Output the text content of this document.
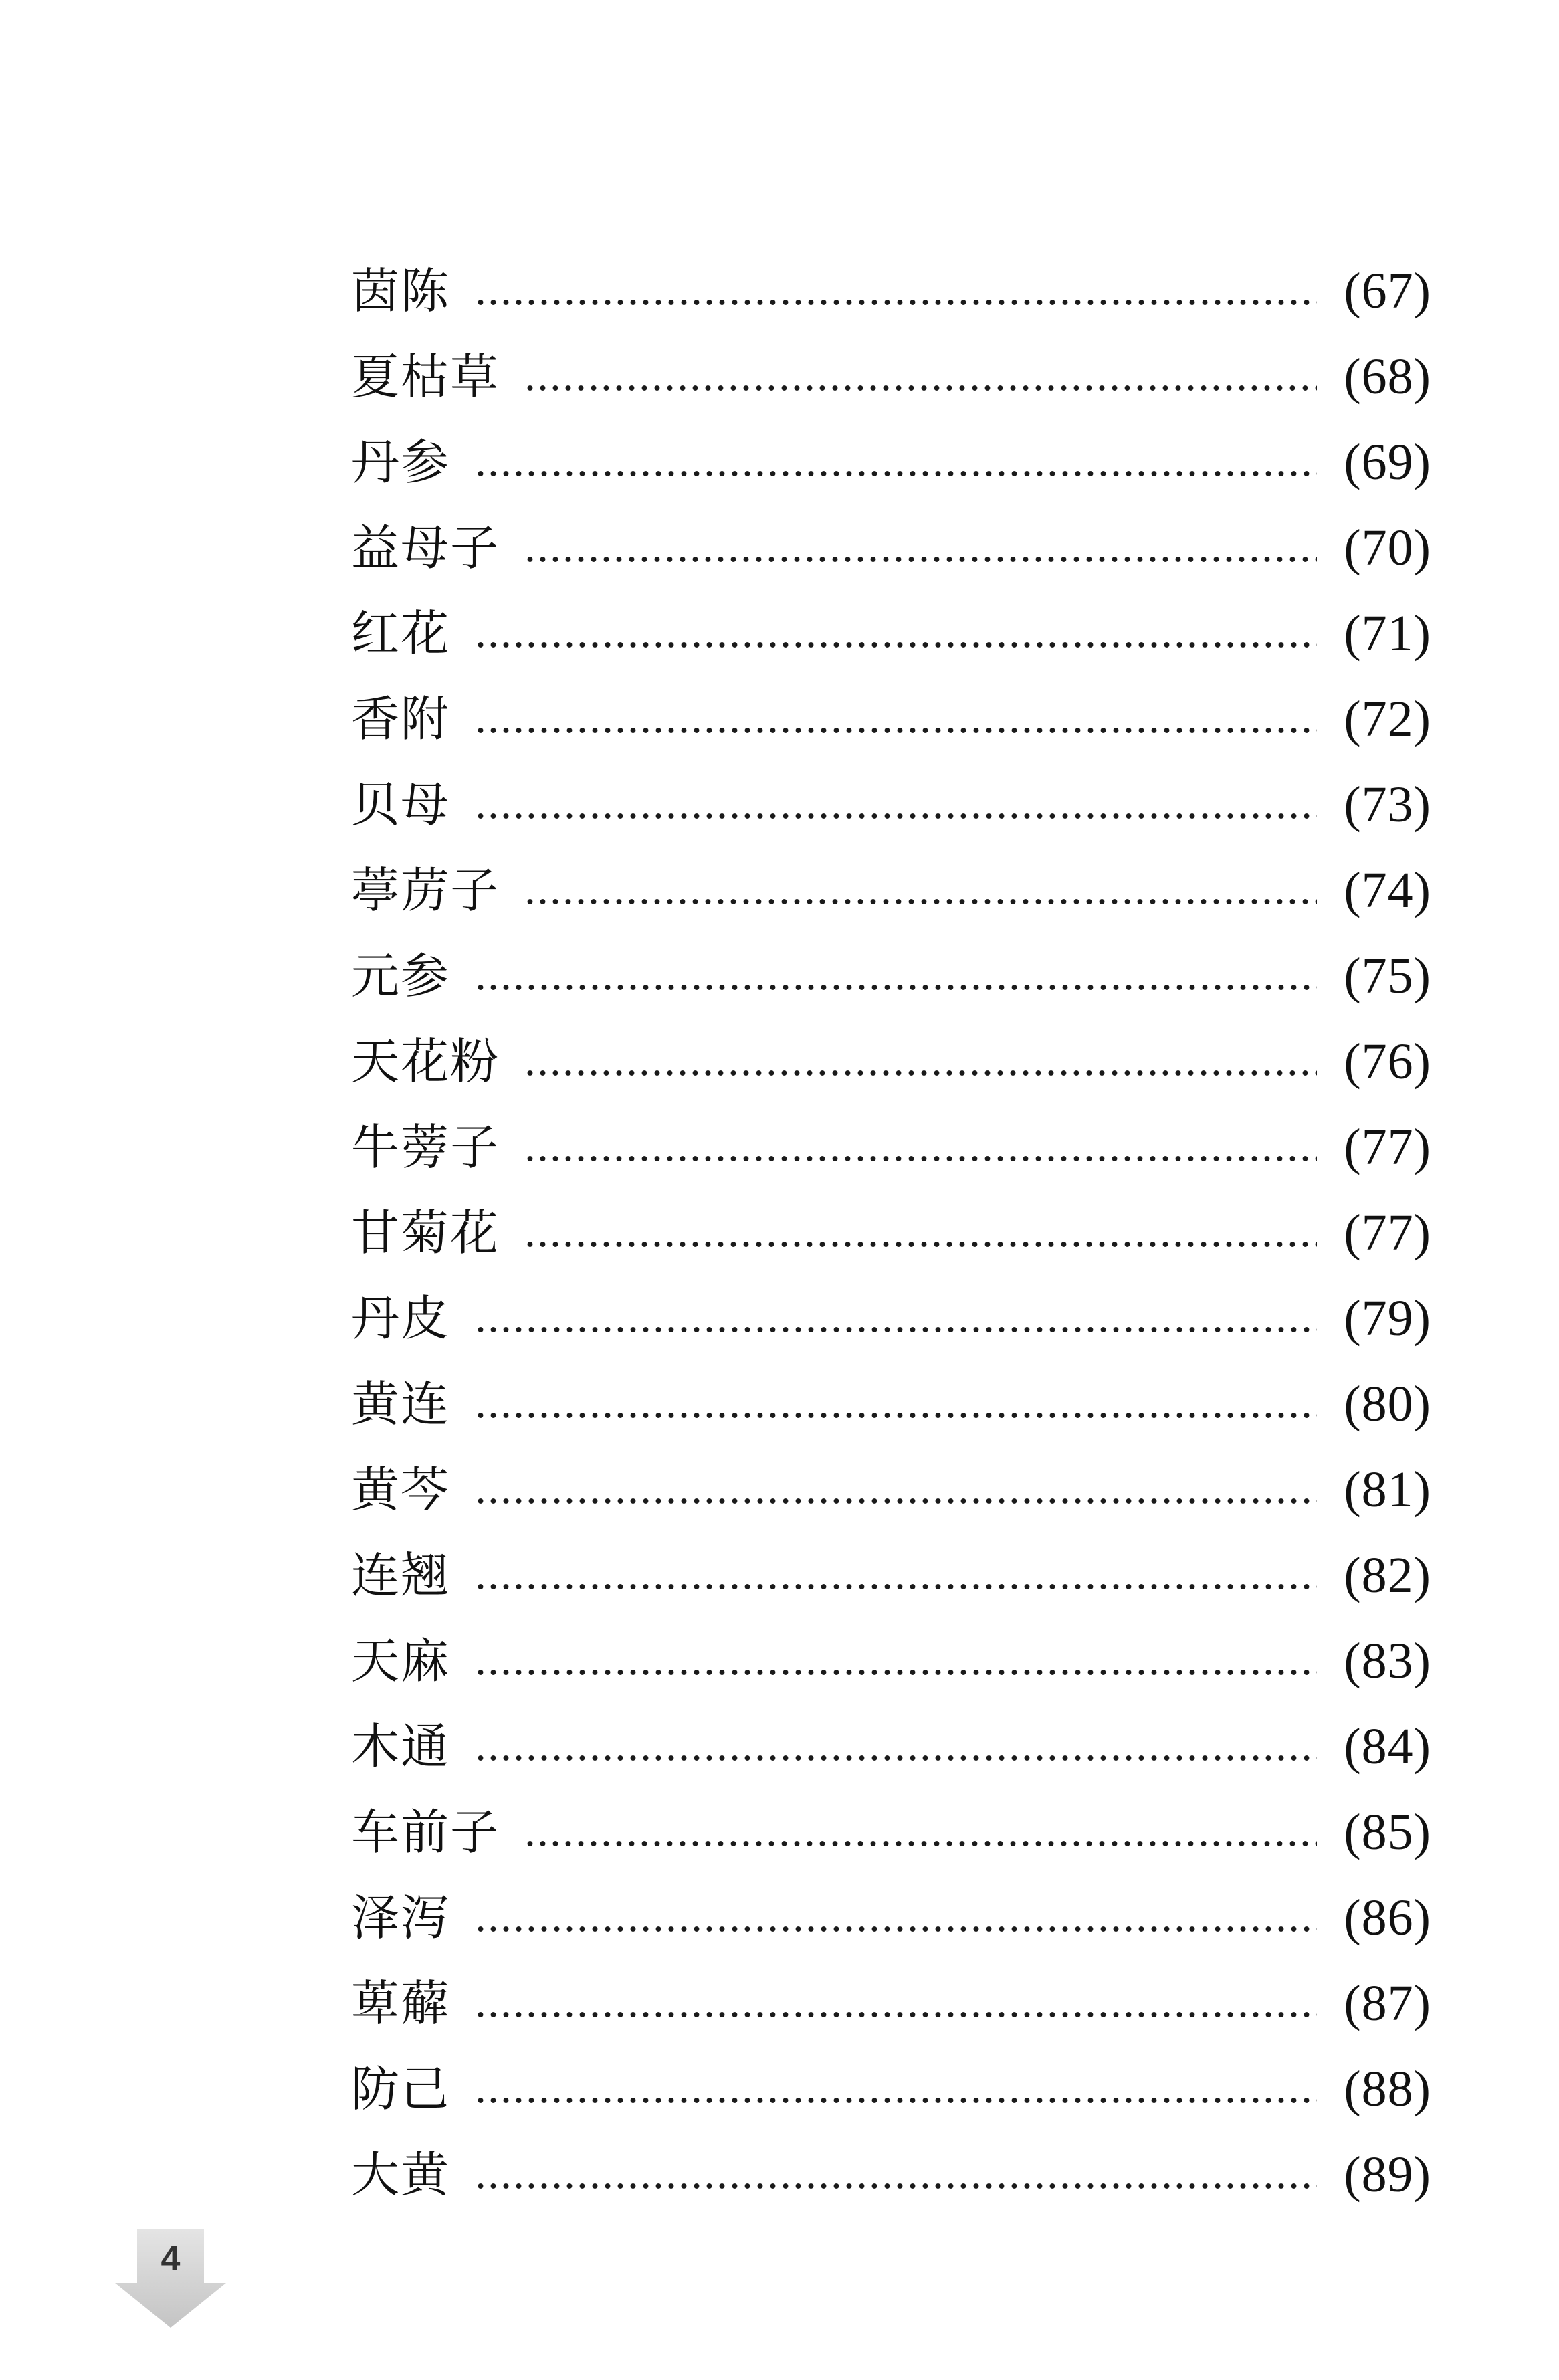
茵陈	(67)
夏枯草	(68)
丹参	(69)
益母子	(70)
红花	(71)
香附	(72)
贝母	(73)
葶苈子	(74)
元参	(75)
天花粉	(76)
牛蒡子	(77)
甘菊花	(77)
丹皮	(79)
黄连	(80)
黄芩	(81)
连翘	(82)
天麻	(83)
木通	(84)
车前子	(85)
泽泻	(86)
萆薢	(87)
防己	(88)
大黄	(89)
4
